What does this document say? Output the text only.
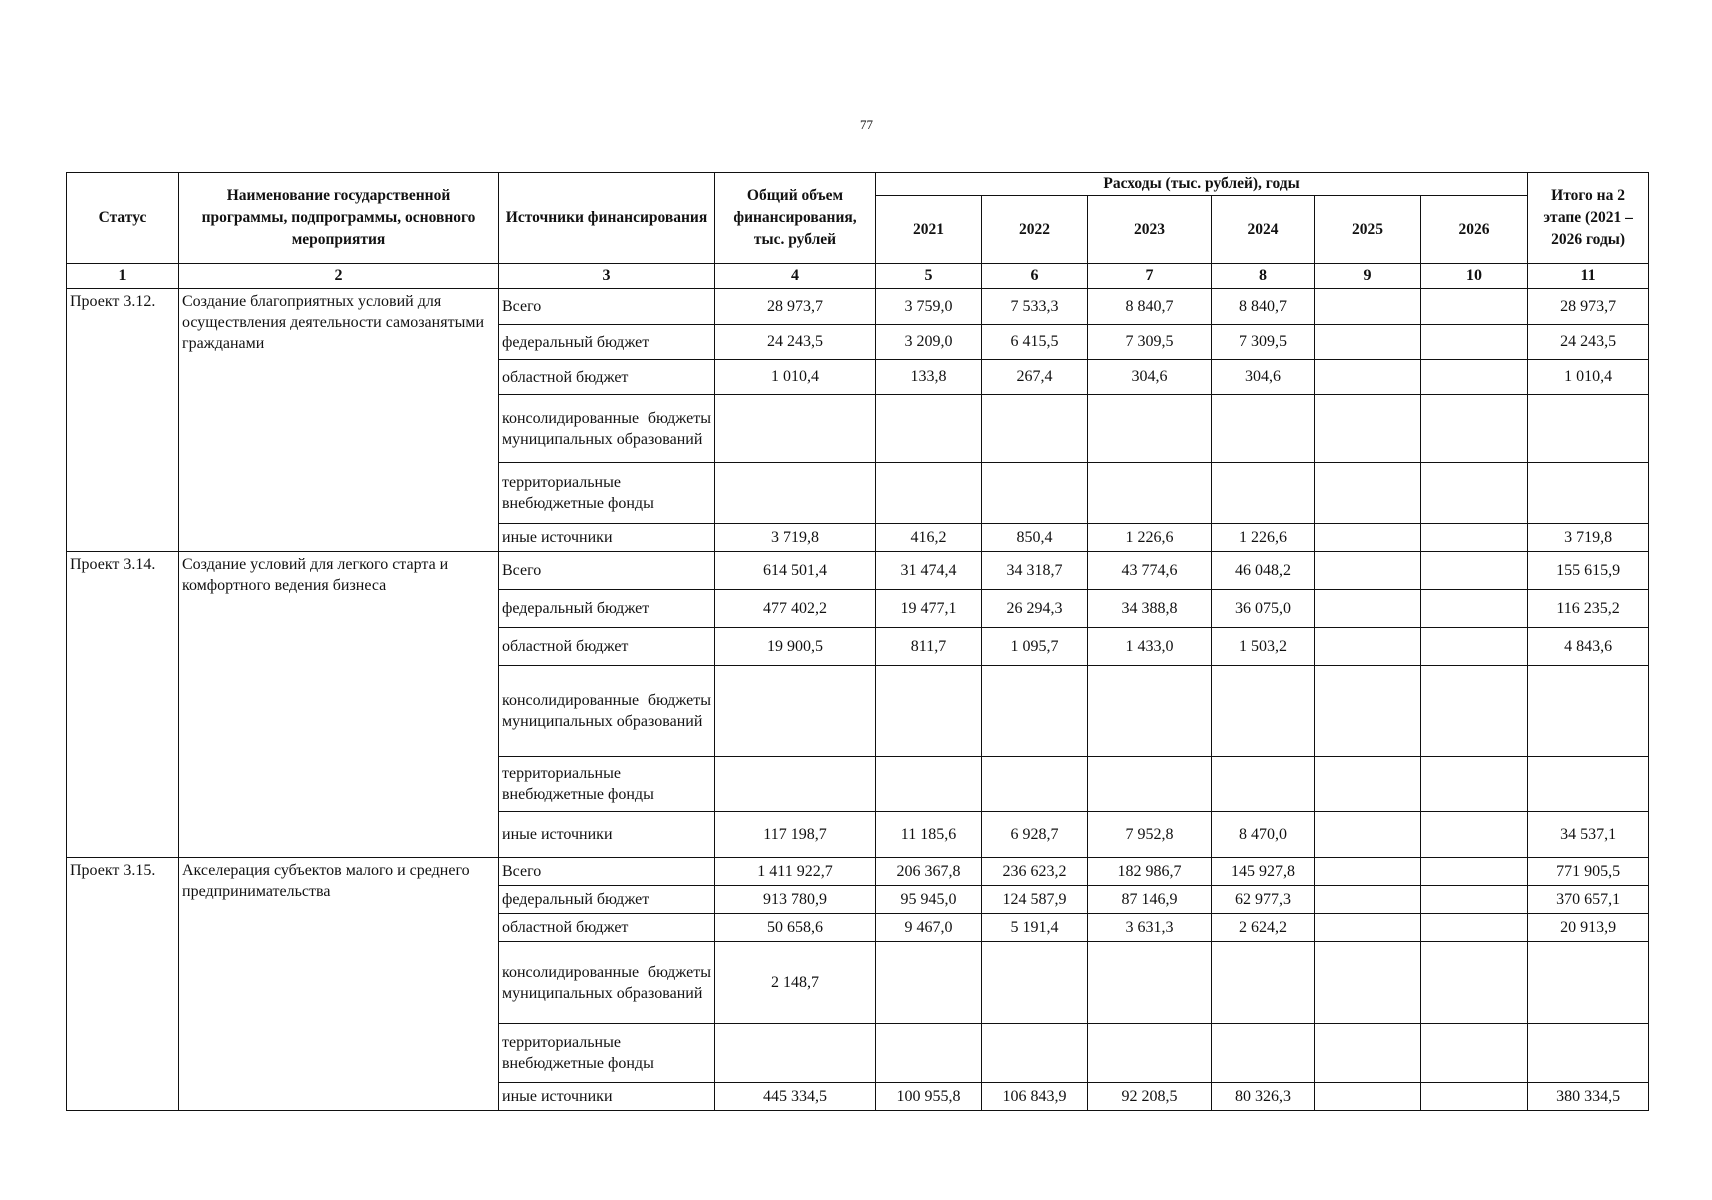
77
Статус	Наименование государственной программы, подпрограммы, основного мероприятия	Источники финансирования	Общий объем финансирования, тыс. рублей	Расходы (тыс. рублей), годы						Итого на 2 этапе (2021 – 2026 годы)
				2021	2022	2023	2024	2025	2026	
1	2	3	4	5	6	7	8	9	10	11
Проект 3.12.	Создание благоприятных условий для осуществления деятельности самозанятыми гражданами	Всего	28 973,7	3 759,0	7 533,3	8 840,7	8 840,7			28 973,7
		федеральный бюджет	24 243,5	3 209,0	6 415,5	7 309,5	7 309,5			24 243,5
		областной бюджет	1 010,4	133,8	267,4	304,6	304,6			1 010,4
		консолидированные бюджеты муниципальных образований								
		территориальные внебюджетные фонды								
		иные источники	3 719,8	416,2	850,4	1 226,6	1 226,6			3 719,8
Проект 3.14.	Создание условий для легкого старта и комфортного ведения бизнеса	Всего	614 501,4	31 474,4	34 318,7	43 774,6	46 048,2			155 615,9
		федеральный бюджет	477 402,2	19 477,1	26 294,3	34 388,8	36 075,0			116 235,2
		областной бюджет	19 900,5	811,7	1 095,7	1 433,0	1 503,2			4 843,6
		консолидированные бюджеты муниципальных образований								
		территориальные внебюджетные фонды								
		иные источники	117 198,7	11 185,6	6 928,7	7 952,8	8 470,0			34 537,1
Проект 3.15.	Акселерация субъектов малого и среднего предпринимательства	Всего	1 411 922,7	206 367,8	236 623,2	182 986,7	145 927,8			771 905,5
		федеральный бюджет	913 780,9	95 945,0	124 587,9	87 146,9	62 977,3			370 657,1
		областной бюджет	50 658,6	9 467,0	5 191,4	3 631,3	2 624,2			20 913,9
		консолидированные бюджеты муниципальных образований	2 148,7							
		территориальные внебюджетные фонды								
		иные источники	445 334,5	100 955,8	106 843,9	92 208,5	80 326,3			380 334,5
